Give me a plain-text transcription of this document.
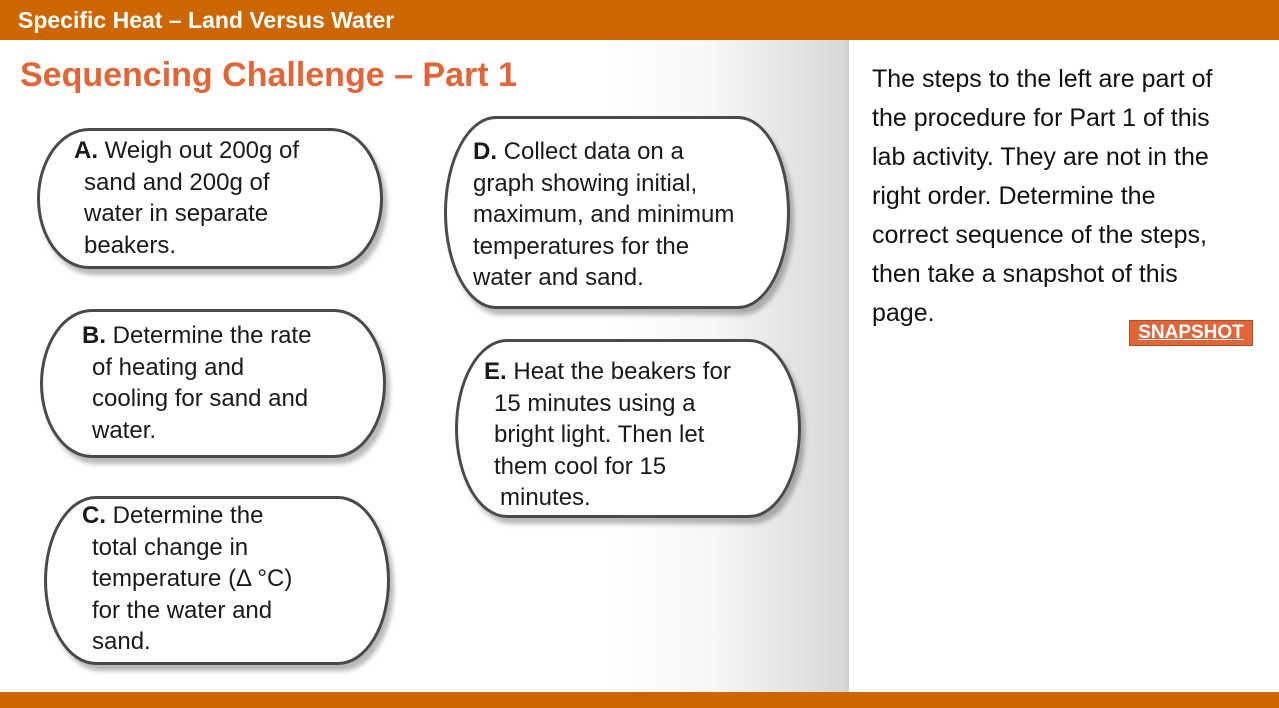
Specific Heat – Land Versus Water
Sequencing Challenge – Part 1

A. Weigh out 200g of
sand and 200g of
water in separate
beakers.

B. Determine the rate
of heating and
cooling for sand and
water.

C. Determine the
total change in
temperature (Δ °C)
for the water and
sand.

D. Collect data on a
graph showing initial,
maximum, and minimum
temperatures for the
water and sand.

E. Heat the beakers for
15 minutes using a
bright light. Then let
them cool for 15
minutes.

The steps to the left are part of
the procedure for Part 1 of this
lab activity. They are not in the
right order. Determine the
correct sequence of the steps,
then take a snapshot of this
page.

SNAPSHOT
